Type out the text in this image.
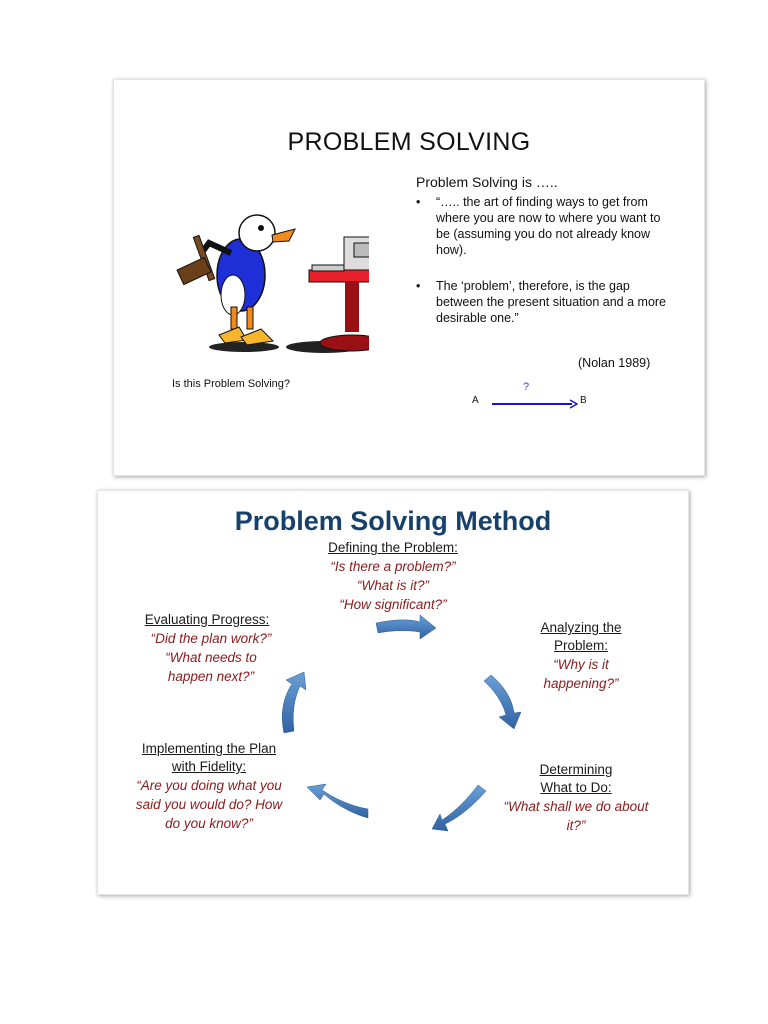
PROBLEM SOLVING
Problem Solving is …..
• “….. the art of finding ways to get from where you are now to where you want to be (assuming you do not already know how).
• The ‘problem’, therefore, is the gap between the present situation and a more desirable one.”
(Nolan 1989)
Is this Problem Solving?	?
A	B
Problem Solving Method
Defining the Problem:
“Is there a problem?”
“What is it?”
“How significant?”
Analyzing the
Problem:
“Why is it
happening?”
Determining
What to Do:
“What shall we do about
it?”
Implementing the Plan
with Fidelity:
“Are you doing what you
said you would do? How
do you know?”
Evaluating Progress:
“Did the plan work?”
“What needs to
happen next?”
